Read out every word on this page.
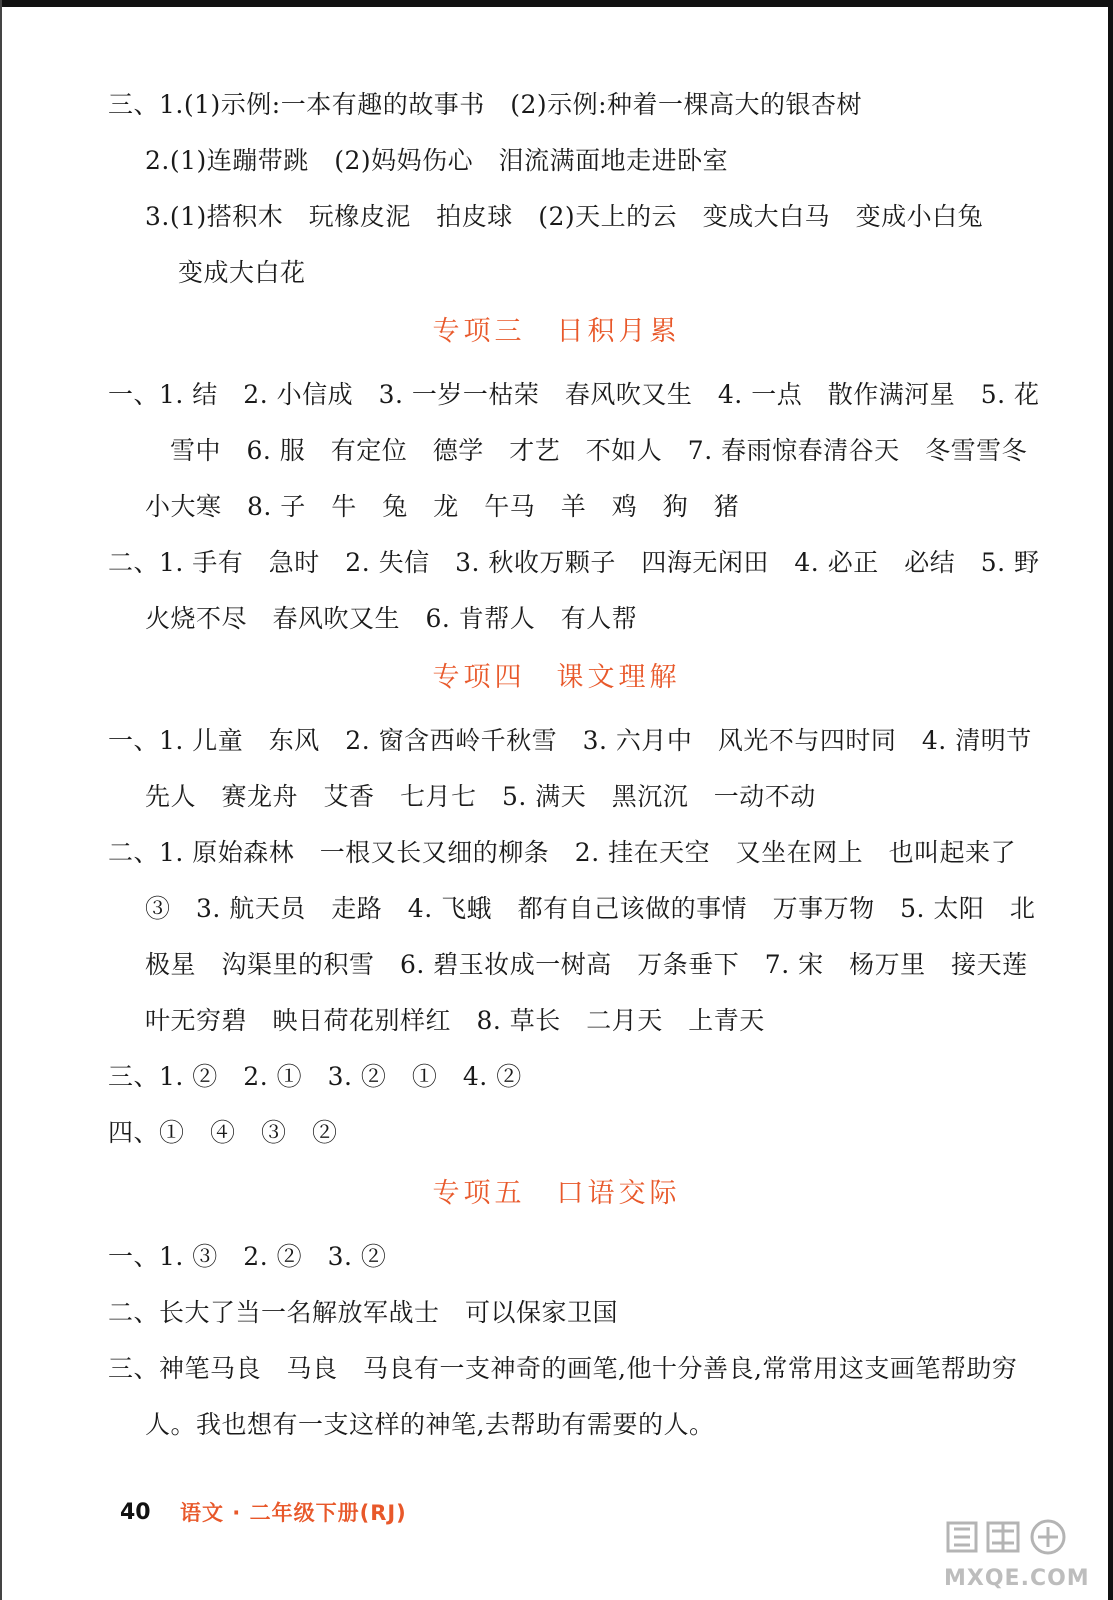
三、1.(1)示例:一本有趣的故事书　(2)示例:种着一棵高大的银杏树
2.(1)连蹦带跳　(2)妈妈伤心　泪流满面地走进卧室
3.(1)搭积木　玩橡皮泥　拍皮球　(2)天上的云　变成大白马　变成小白兔
变成大白花
专项三　日积月累
一、1. 结　2. 小信成　3. 一岁一枯荣　春风吹又生　4. 一点　散作满河星　5. 花
雪中　6. 服　有定位　德学　才艺　不如人　7. 春雨惊春清谷天　冬雪雪冬
小大寒　8. 子　牛　兔　龙　午马　羊　鸡　狗　猪
二、1. 手有　急时　2. 失信　3. 秋收万颗子　四海无闲田　4. 必正　必结　5. 野
火烧不尽　春风吹又生　6. 肯帮人　有人帮
专项四　课文理解
一、1. 儿童　东风　2. 窗含西岭千秋雪　3. 六月中　风光不与四时同　4. 清明节
先人　赛龙舟　艾香　七月七　5. 满天　黑沉沉　一动不动
二、1. 原始森林　一根又长又细的柳条　2. 挂在天空　又坐在网上　也叫起来了
③　3. 航天员　走路　4. 飞蛾　都有自己该做的事情　万事万物　5. 太阳　北
极星　沟渠里的积雪　6. 碧玉妆成一树高　万条垂下　7. 宋　杨万里　接天莲
叶无穷碧　映日荷花别样红　8. 草长　二月天　上青天
三、1. ②　2. ①　3. ②　①　4. ②
四、①　④　③　②
专项五　口语交际
一、1. ③　2. ②　3. ②
二、长大了当一名解放军战士　可以保家卫国
三、神笔马良　马良　马良有一支神奇的画笔,他十分善良,常常用这支画笔帮助穷
人。我也想有一支这样的神笔,去帮助有需要的人。
40 语文 · 二年级下册(RJ)
MXQE.COM
